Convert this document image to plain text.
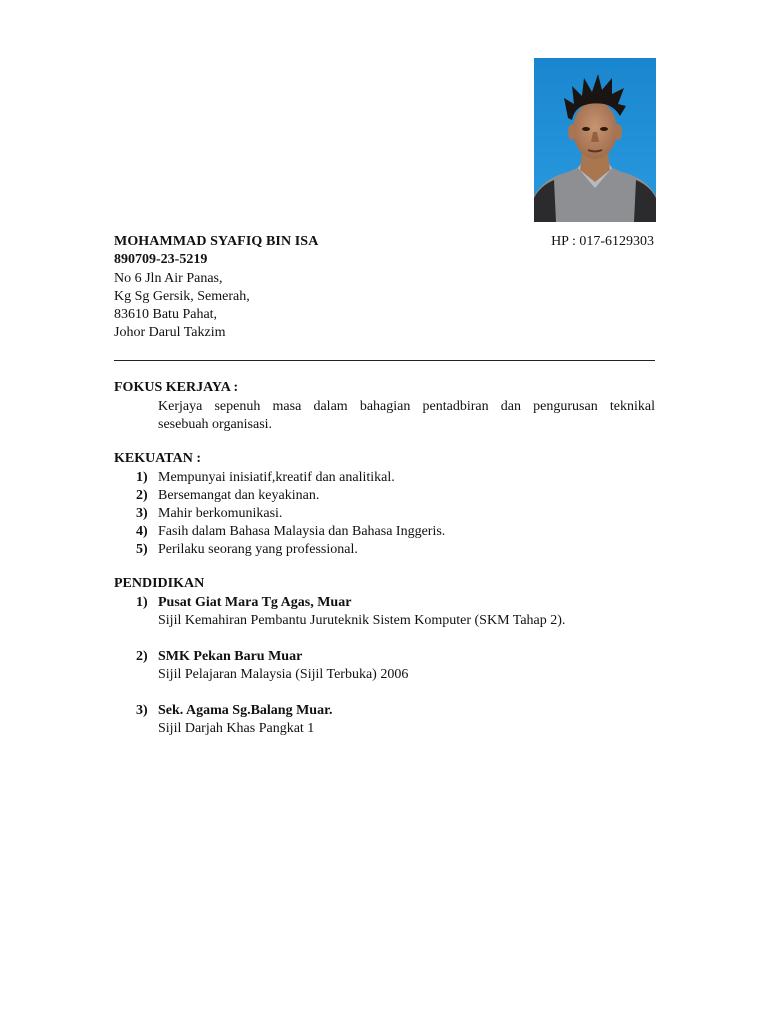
MOHAMMAD SYAFIQ BIN ISA	HP : 017-6129303
890709-23-5219
No 6 Jln Air Panas,
Kg Sg Gersik, Semerah,
83610 Batu Pahat,
Johor Darul Takzim
FOKUS KERJAYA :
Kerjaya sepenuh masa dalam bahagian pentadbiran dan pengurusan teknikal
sesebuah organisasi.
KEKUATAN :
1) Mempunyai inisiatif,kreatif dan analitikal.
2) Bersemangat dan keyakinan.
3) Mahir berkomunikasi.
4) Fasih dalam Bahasa Malaysia dan Bahasa Inggeris.
5) Perilaku seorang yang professional.
PENDIDIKAN
1) Pusat Giat Mara Tg Agas, Muar
Sijil Kemahiran Pembantu Juruteknik Sistem Komputer (SKM Tahap 2).
2) SMK Pekan Baru Muar
Sijil Pelajaran Malaysia (Sijil Terbuka) 2006
3) Sek. Agama Sg.Balang Muar.
Sijil Darjah Khas Pangkat 1
